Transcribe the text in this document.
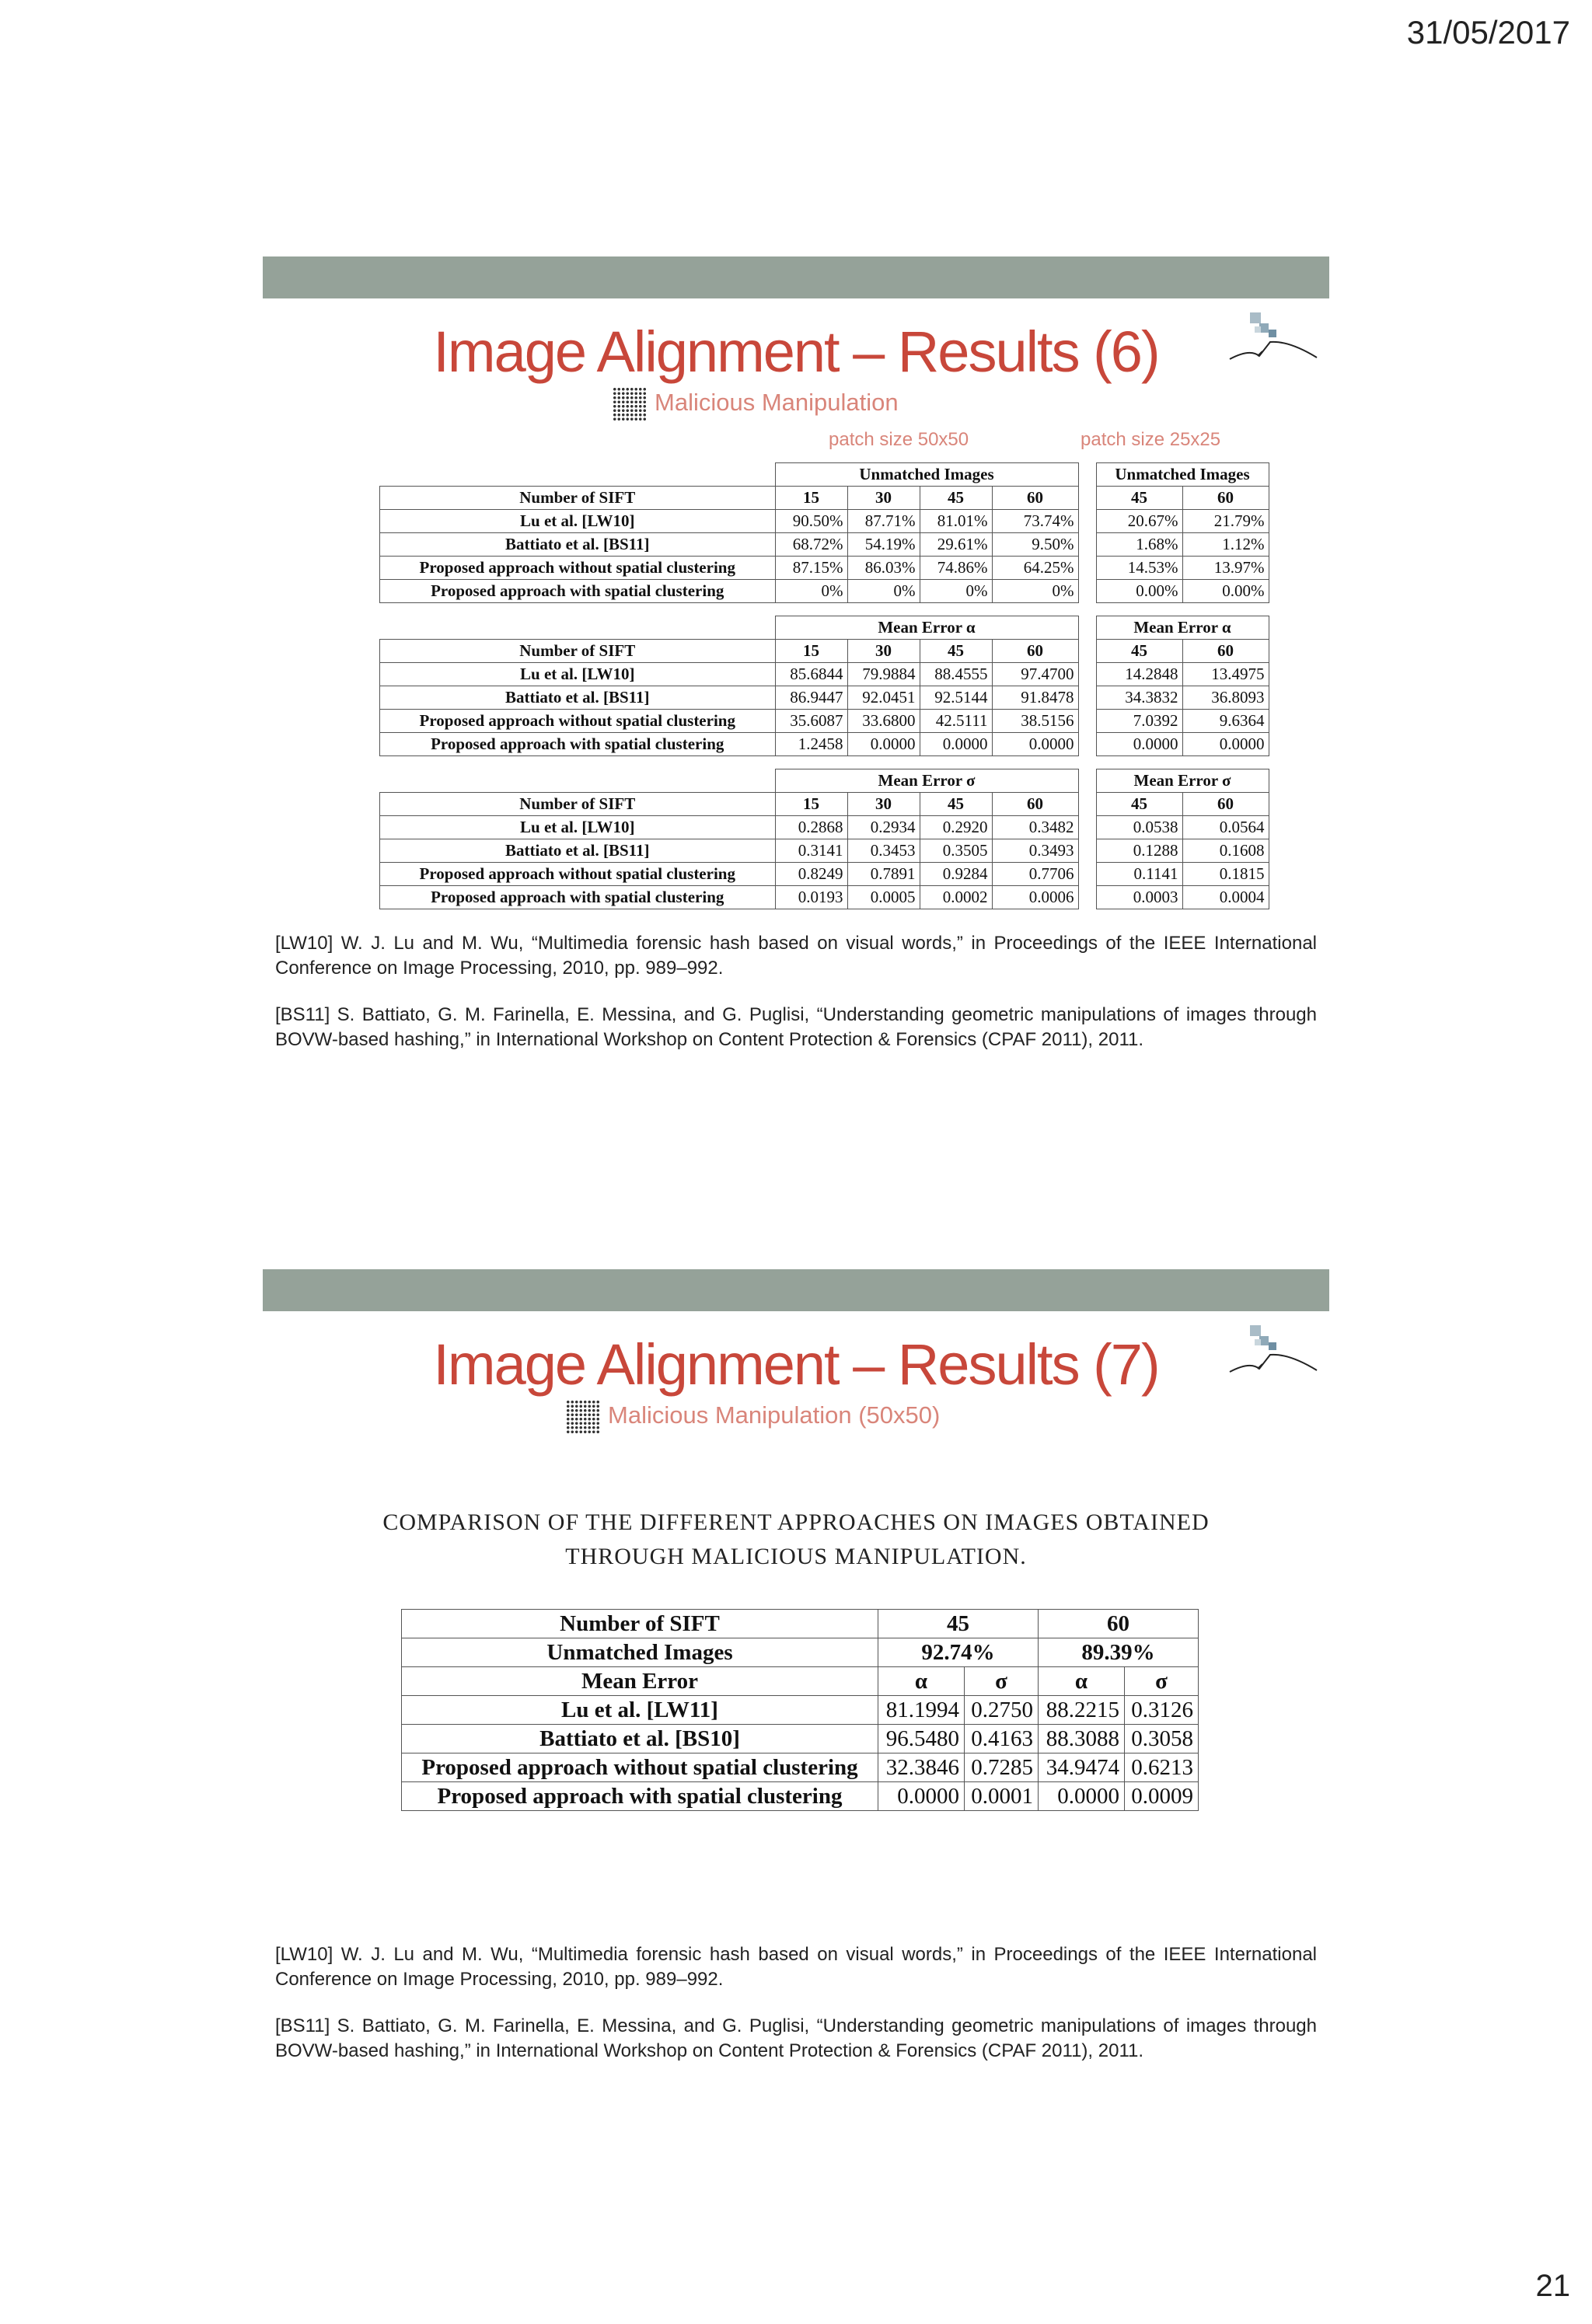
31/05/2017
Image Alignment – Results (6)
Malicious Manipulation
patch size 50x50	patch size 25x25
	Unmatched Images					Unmatched Images	
Number of SIFT	15	30	45	60		45	60
Lu et al. [LW10]	90.50%	87.71%	81.01%	73.74%		20.67%	21.79%
Battiato et al. [BS11]	68.72%	54.19%	29.61%	9.50%		1.68%	1.12%
Proposed approach without spatial clustering	87.15%	86.03%	74.86%	64.25%		14.53%	13.97%
Proposed approach with spatial clustering	0%	0%	0%	0%		0.00%	0.00%
	Mean Error α					Mean Error α	
Number of SIFT	15	30	45	60		45	60
Lu et al. [LW10]	85.6844	79.9884	88.4555	97.4700		14.2848	13.4975
Battiato et al. [BS11]	86.9447	92.0451	92.5144	91.8478		34.3832	36.8093
Proposed approach without spatial clustering	35.6087	33.6800	42.5111	38.5156		7.0392	9.6364
Proposed approach with spatial clustering	1.2458	0.0000	0.0000	0.0000		0.0000	0.0000
	Mean Error σ					Mean Error σ	
Number of SIFT	15	30	45	60		45	60
Lu et al. [LW10]	0.2868	0.2934	0.2920	0.3482		0.0538	0.0564
Battiato et al. [BS11]	0.3141	0.3453	0.3505	0.3493		0.1288	0.1608
Proposed approach without spatial clustering	0.8249	0.7891	0.9284	0.7706		0.1141	0.1815
Proposed approach with spatial clustering	0.0193	0.0005	0.0002	0.0006		0.0003	0.0004
[LW10] W. J. Lu and M. Wu, “Multimedia forensic hash based on visual words,” in Proceedings of the IEEE International Conference on Image Processing, 2010, pp. 989–992.
[BS11] S. Battiato, G. M. Farinella, E. Messina, and G. Puglisi, “Understanding geometric manipulations of images through BOVW-based hashing,” in International Workshop on Content Protection & Forensics (CPAF 2011), 2011.
Image Alignment – Results (7)
Malicious Manipulation (50x50)
COMPARISON OF THE DIFFERENT APPROACHES ON IMAGES OBTAINED
THROUGH MALICIOUS MANIPULATION.
Number of SIFT	45		60	
Unmatched Images	92.74%		89.39%	
Mean Error	α	σ	α	σ
Lu et al. [LW11]	81.1994	0.2750	88.2215	0.3126
Battiato et al. [BS10]	96.5480	0.4163	88.3088	0.3058
Proposed approach without spatial clustering	32.3846	0.7285	34.9474	0.6213
Proposed approach with spatial clustering	0.0000	0.0001	0.0000	0.0009
[LW10] W. J. Lu and M. Wu, “Multimedia forensic hash based on visual words,” in Proceedings of the IEEE International Conference on Image Processing, 2010, pp. 989–992.
[BS11] S. Battiato, G. M. Farinella, E. Messina, and G. Puglisi, “Understanding geometric manipulations of images through BOVW-based hashing,” in International Workshop on Content Protection & Forensics (CPAF 2011), 2011.
21
